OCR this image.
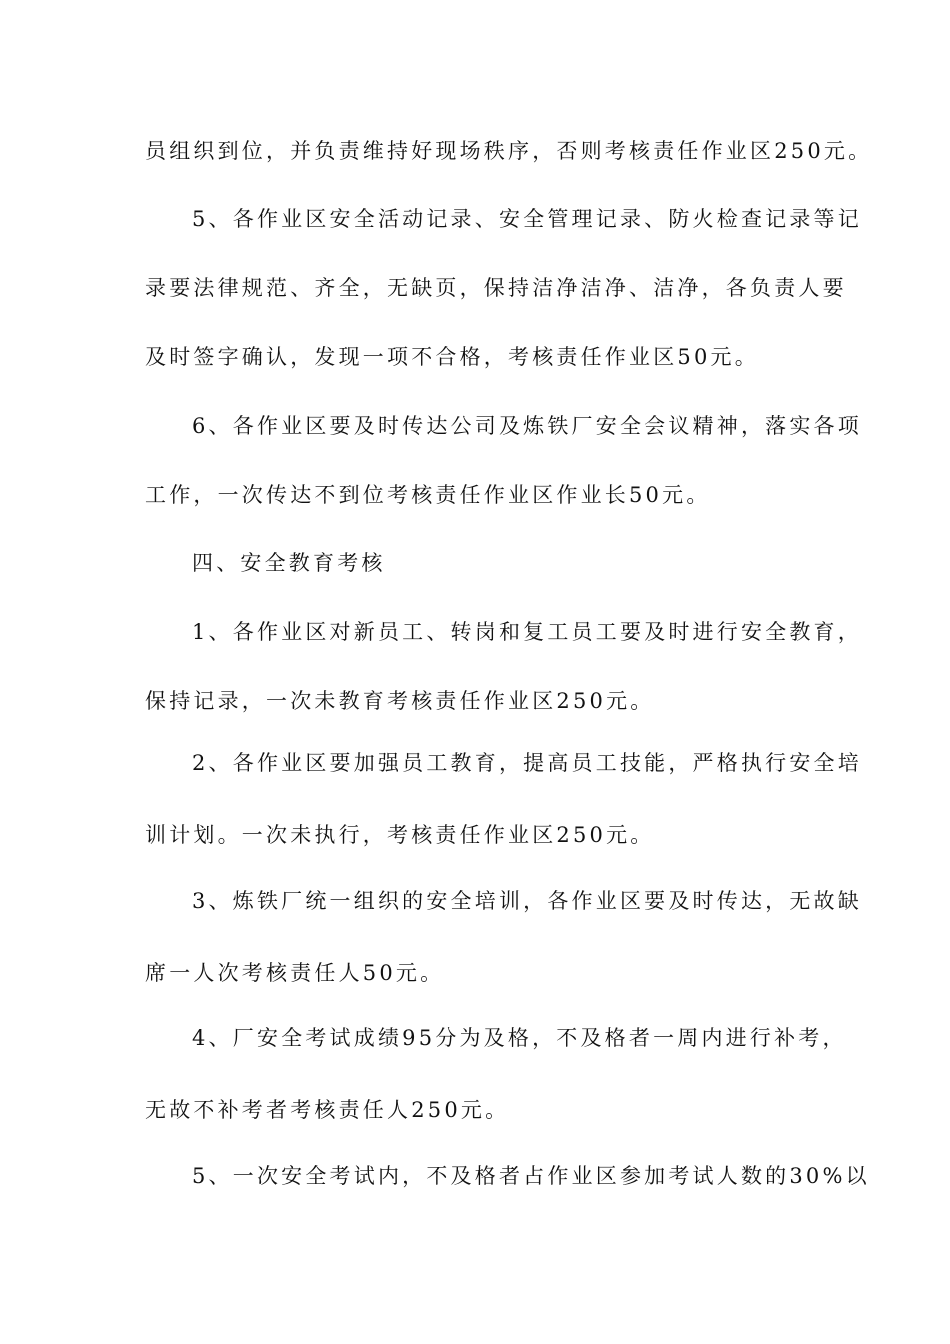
员组织到位，并负责维持好现场秩序，否则考核责任作业区250元。
5、各作业区安全活动记录、安全管理记录、防火检查记录等记
录要法律规范、齐全，无缺页，保持洁净洁净、洁净，各负责人要
及时签字确认，发现一项不合格，考核责任作业区50元。
6、各作业区要及时传达公司及炼铁厂安全会议精神，落实各项
工作，一次传达不到位考核责任作业区作业长50元。
四、安全教育考核
1、各作业区对新员工、转岗和复工员工要及时进行安全教育，
保持记录，一次未教育考核责任作业区250元。
2、各作业区要加强员工教育，提高员工技能，严格执行安全培
训计划。一次未执行，考核责任作业区250元。
3、炼铁厂统一组织的安全培训，各作业区要及时传达，无故缺
席一人次考核责任人50元。
4、厂安全考试成绩95分为及格，不及格者一周内进行补考，
无故不补考者考核责任人250元。
5、一次安全考试内，不及格者占作业区参加考试人数的30%以
